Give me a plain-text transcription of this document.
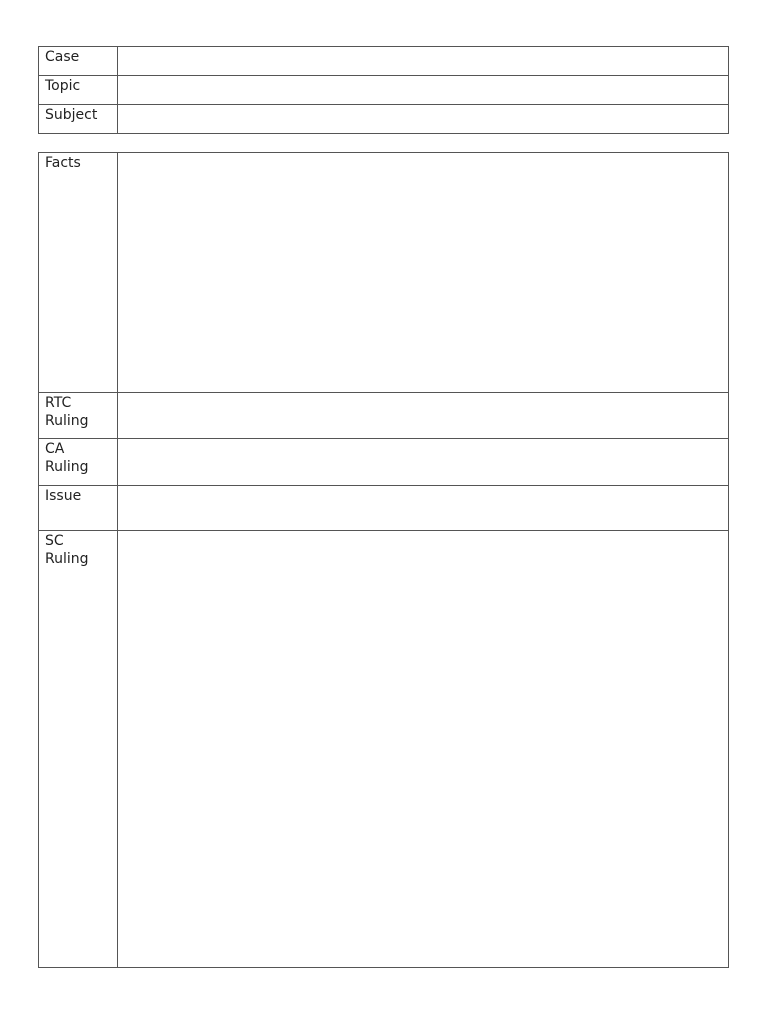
Case	

Topic	

Subject	

Facts	

RTC
Ruling	

CA
Ruling	

Issue	

SC
Ruling	
